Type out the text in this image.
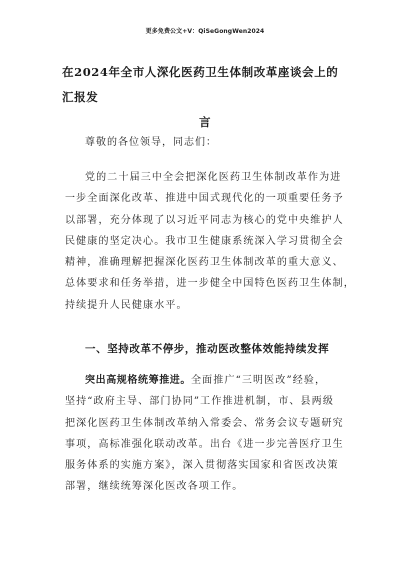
更多免费公文+V：QiSeGongWen2024
在2024年全市人深化医药卫生体制改革座谈会上的汇报发
言
尊敬的各位领导，同志们：
党的二十届三中全会把深化医药卫生体制改革作为进
一步全面深化改革、推进中国式现代化的一项重要任务予
以部署，充分体现了以习近平同志为核心的党中央维护人
民健康的坚定决心。我市卫生健康系统深入学习贯彻全会
精神，准确理解把握深化医药卫生体制改革的重大意义、
总体要求和任务举措，进一步健全中国特色医药卫生体制，
持续提升人民健康水平。
一、坚持改革不停步，推动医改整体效能持续发挥
突出高规格统筹推进。全面推广“三明医改”经验，
坚持“政府主导、部门协同”工作推进机制，市、县两级
把深化医药卫生体制改革纳入常委会、常务会议专题研究
事项，高标准强化联动改革。出台《进一步完善医疗卫生
服务体系的实施方案》，深入贯彻落实国家和省医改决策
部署，继续统筹深化医改各项工作。
